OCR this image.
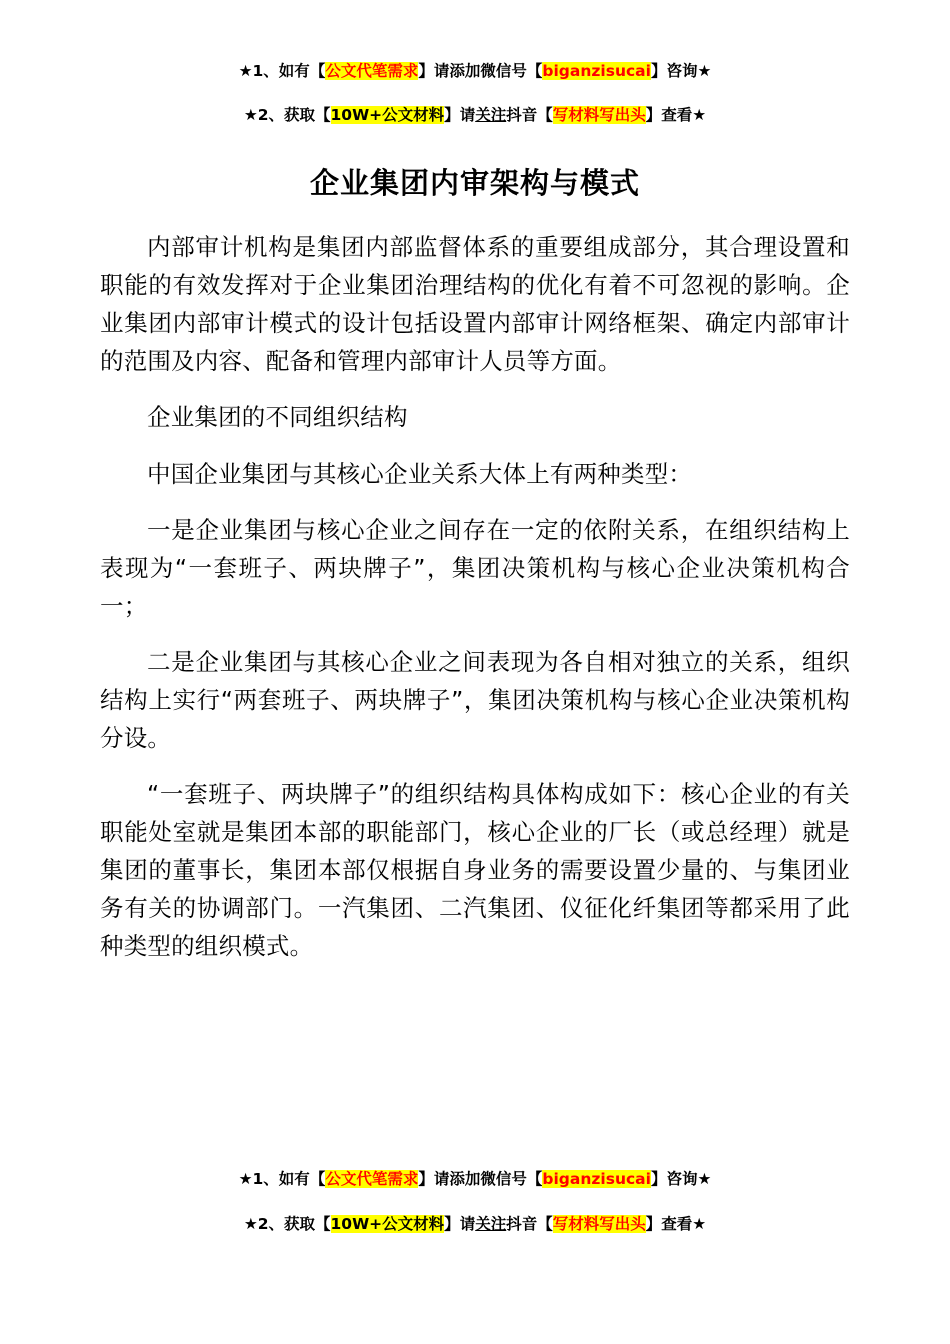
★1、如有【公文代笔需求】请添加微信号【biganzisucai】咨询★
★2、获取【10W+公文材料】请关注抖音【写材料写出头】查看★
企业集团内审架构与模式

内部审计机构是集团内部监督体系的重要组成部分，其合理设置和职能的有效发挥对于企业集团治理结构的优化有着不可忽视的影响。企业集团内部审计模式的设计包括设置内部审计网络框架、确定内部审计的范围及内容、配备和管理内部审计人员等方面。

企业集团的不同组织结构

中国企业集团与其核心企业关系大体上有两种类型：

一是企业集团与核心企业之间存在一定的依附关系，在组织结构上表现为“一套班子、两块牌子”，集团决策机构与核心企业决策机构合一；

二是企业集团与其核心企业之间表现为各自相对独立的关系，组织结构上实行“两套班子、两块牌子”，集团决策机构与核心企业决策机构分设。

“一套班子、两块牌子”的组织结构具体构成如下：核心企业的有关职能处室就是集团本部的职能部门，核心企业的厂长（或总经理）就是集团的董事长，集团本部仅根据自身业务的需要设置少量的、与集团业务有关的协调部门。一汽集团、二汽集团、仪征化纤集团等都采用了此种类型的组织模式。

★1、如有【公文代笔需求】请添加微信号【biganzisucai】咨询★
★2、获取【10W+公文材料】请关注抖音【写材料写出头】查看★
